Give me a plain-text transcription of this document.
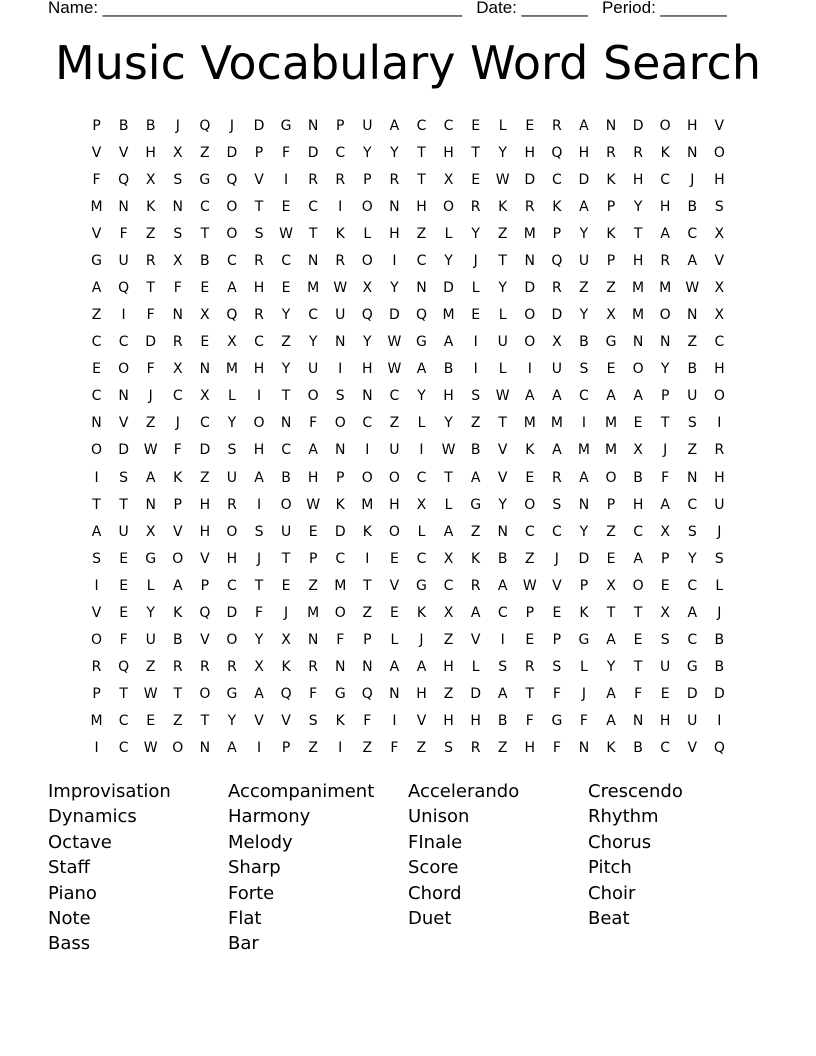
Name: ______________________________________   Date: _______   Period: _______
Music Vocabulary Word Search
P	B	B	J	Q	J	D	G	N	P	U	A	C	C	E	L	E	R	A	N	D	O	H	V
V	V	H	X	Z	D	P	F	D	C	Y	Y	T	H	T	Y	H	Q	H	R	R	K	N	O
F	Q	X	S	G	Q	V	I	R	R	P	R	T	X	E	W	D	C	D	K	H	C	J	H
M	N	K	N	C	O	T	E	C	I	O	N	H	O	R	K	R	K	A	P	Y	H	B	S
V	F	Z	S	T	O	S	W	T	K	L	H	Z	L	Y	Z	M	P	Y	K	T	A	C	X
G	U	R	X	B	C	R	C	N	R	O	I	C	Y	J	T	N	Q	U	P	H	R	A	V
A	Q	T	F	E	A	H	E	M	W	X	Y	N	D	L	Y	D	R	Z	Z	M	M	W	X
Z	I	F	N	X	Q	R	Y	C	U	Q	D	Q	M	E	L	O	D	Y	X	M	O	N	X
C	C	D	R	E	X	C	Z	Y	N	Y	W	G	A	I	U	O	X	B	G	N	N	Z	C
E	O	F	X	N	M	H	Y	U	I	H	W	A	B	I	L	I	U	S	E	O	Y	B	H
C	N	J	C	X	L	I	T	O	S	N	C	Y	H	S	W	A	A	C	A	A	P	U	O
N	V	Z	J	C	Y	O	N	F	O	C	Z	L	Y	Z	T	M	M	I	M	E	T	S	I
O	D	W	F	D	S	H	C	A	N	I	U	I	W	B	V	K	A	M	M	X	J	Z	R
I	S	A	K	Z	U	A	B	H	P	O	O	C	T	A	V	E	R	A	O	B	F	N	H
T	T	N	P	H	R	I	O	W	K	M	H	X	L	G	Y	O	S	N	P	H	A	C	U
A	U	X	V	H	O	S	U	E	D	K	O	L	A	Z	N	C	C	Y	Z	C	X	S	J
S	E	G	O	V	H	J	T	P	C	I	E	C	X	K	B	Z	J	D	E	A	P	Y	S
I	E	L	A	P	C	T	E	Z	M	T	V	G	C	R	A	W	V	P	X	O	E	C	L
V	E	Y	K	Q	D	F	J	M	O	Z	E	K	X	A	C	P	E	K	T	T	X	A	J
O	F	U	B	V	O	Y	X	N	F	P	L	J	Z	V	I	E	P	G	A	E	S	C	B
R	Q	Z	R	R	R	X	K	R	N	N	A	A	H	L	S	R	S	L	Y	T	U	G	B
P	T	W	T	O	G	A	Q	F	G	Q	N	H	Z	D	A	T	F	J	A	F	E	D	D
M	C	E	Z	T	Y	V	V	S	K	F	I	V	H	H	B	F	G	F	A	N	H	U	I
I	C	W	O	N	A	I	P	Z	I	Z	F	Z	S	R	Z	H	F	N	K	B	C	V	Q
Improvisation
Dynamics
Octave
Staff
Piano
Note
Bass
Accompaniment
Harmony
Melody
Sharp
Forte
Flat
Bar
Accelerando
Unison
FInale
Score
Chord
Duet
Crescendo
Rhythm
Chorus
Pitch
Choir
Beat
